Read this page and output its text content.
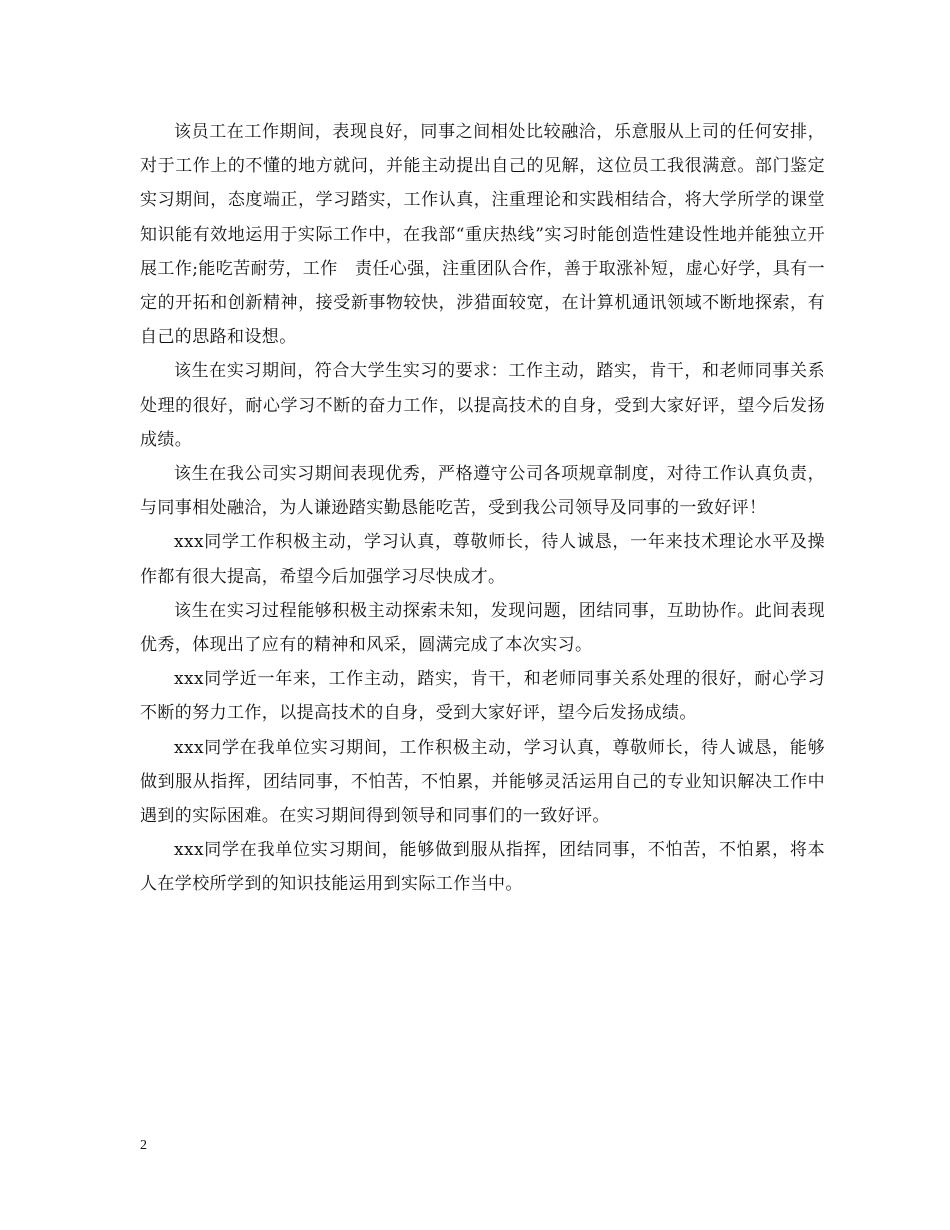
该员工在工作期间，表现良好，同事之间相处比较融洽，乐意服从上司的任何安排，对于工作上的不懂的地方就问，并能主动提出自己的见解，这位员工我很满意。部门鉴定实习期间，态度端正，学习踏实，工作认真，注重理论和实践相结合，将大学所学的课堂知识能有效地运用于实际工作中，在我部“重庆热线”实习时能创造性建设性地并能独立开展工作;能吃苦耐劳，工作　责任心强，注重团队合作，善于取涨补短，虚心好学，具有一定的开拓和创新精神，接受新事物较快，涉猎面较宽，在计算机通讯领域不断地探索，有自己的思路和设想。

该生在实习期间，符合大学生实习的要求：工作主动，踏实，肯干，和老师同事关系处理的很好，耐心学习不断的奋力工作，以提高技术的自身，受到大家好评，望今后发扬成绩。

该生在我公司实习期间表现优秀，严格遵守公司各项规章制度，对待工作认真负责，与同事相处融洽，为人谦逊踏实勤恳能吃苦，受到我公司领导及同事的一致好评！

xxx同学工作积极主动，学习认真，尊敬师长，待人诚恳，一年来技术理论水平及操作都有很大提高，希望今后加强学习尽快成才。

该生在实习过程能够积极主动探索未知，发现问题，团结同事，互助协作。此间表现优秀，体现出了应有的精神和风采，圆满完成了本次实习。

xxx同学近一年来，工作主动，踏实，肯干，和老师同事关系处理的很好，耐心学习不断的努力工作，以提高技术的自身，受到大家好评，望今后发扬成绩。

xxx同学在我单位实习期间，工作积极主动，学习认真，尊敬师长，待人诚恳，能够做到服从指挥，团结同事，不怕苦，不怕累，并能够灵活运用自己的专业知识解决工作中遇到的实际困难。在实习期间得到领导和同事们的一致好评。

xxx同学在我单位实习期间，能够做到服从指挥，团结同事，不怕苦，不怕累，将本人在学校所学到的知识技能运用到实际工作当中。

2
